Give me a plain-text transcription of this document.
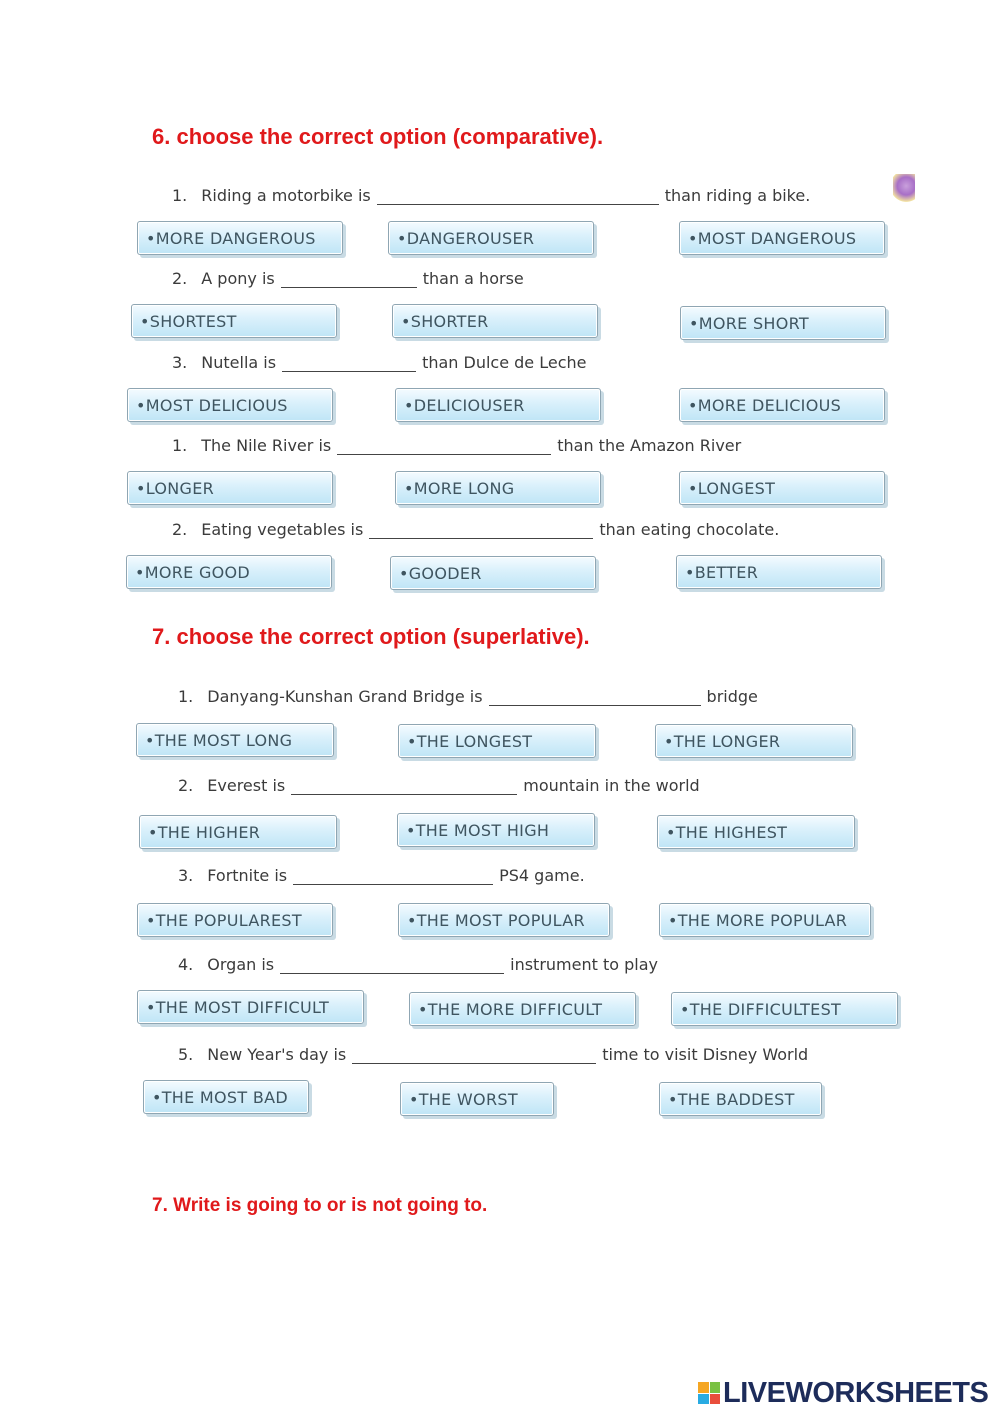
6. choose the correct option (comparative).
1. Riding a motorbike is	than riding a bike.
•MORE DANGEROUS	•DANGEROUSER	•MOST DANGEROUS
2. A pony is	than a horse
•SHORTEST	•SHORTER	•MORE SHORT
3. Nutella is	than Dulce de Leche
•MOST DELICIOUS	•DELICIOUSER	•MORE DELICIOUS
1. The Nile River is	than the Amazon River
•LONGER	•MORE LONG	•LONGEST
2. Eating vegetables is	than eating chocolate.
•MORE GOOD	•GOODER	•BETTER
7. choose the correct option (superlative).
1. Danyang-Kunshan Grand Bridge is	bridge
•THE MOST LONG	•THE LONGEST	•THE LONGER
2. Everest is	mountain in the world
•THE HIGHER	•THE MOST HIGH	•THE HIGHEST
3. Fortnite is	PS4 game.
•THE POPULAREST	•THE MOST POPULAR	•THE MORE POPULAR
4. Organ is	instrument to play
•THE MOST DIFFICULT	•THE MORE DIFFICULT	•THE DIFFICULTEST
5. New Year's day is	time to visit Disney World
•THE MOST BAD	•THE WORST	•THE BADDEST
7. Write is going to or is not going to.
LIVEWORKSHEETS
